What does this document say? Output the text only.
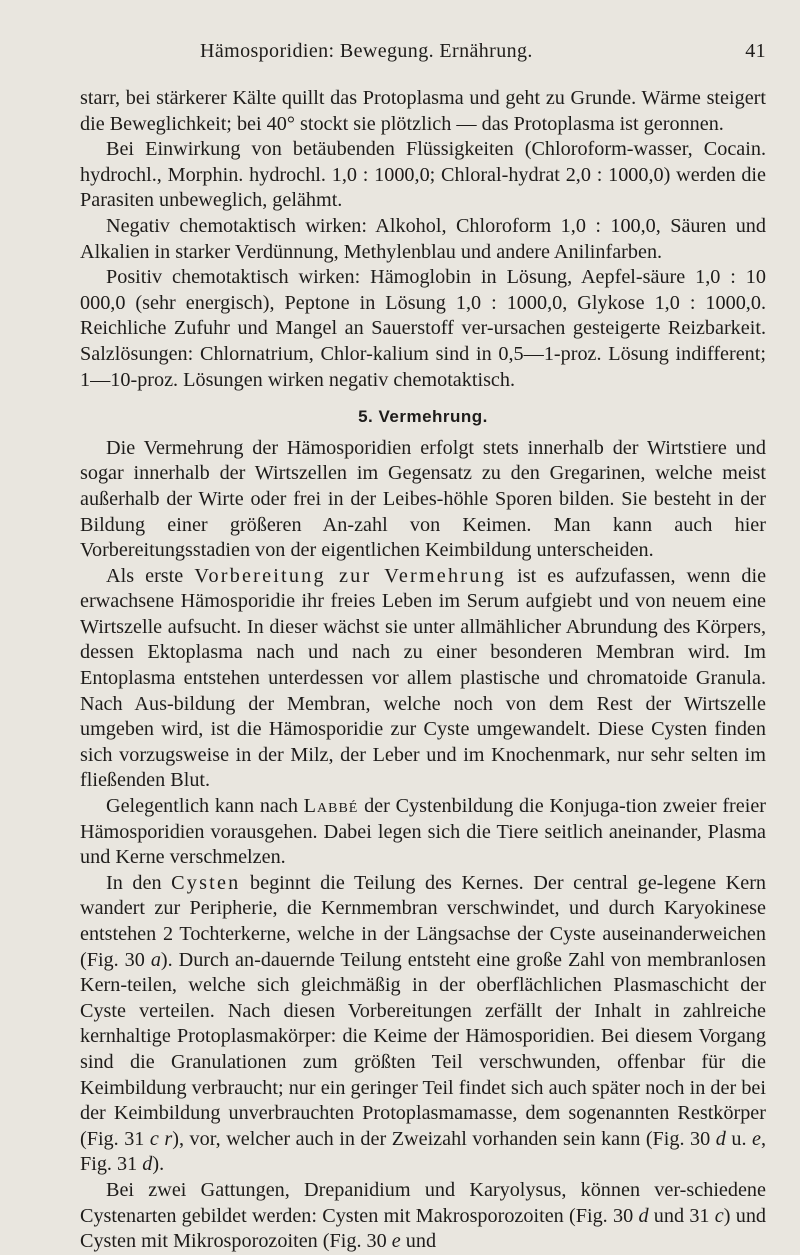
Hämosporidien: Bewegung. Ernährung.	41

starr, bei stärkerer Kälte quillt das Protoplasma und geht zu Grunde. Wärme steigert die Beweglichkeit; bei 40° stockt sie plötzlich — das Protoplasma ist geronnen.

Bei Einwirkung von betäubenden Flüssigkeiten (Chloroform-wasser, Cocain. hydrochl., Morphin. hydrochl. 1,0 : 1000,0; Chloral-hydrat 2,0 : 1000,0) werden die Parasiten unbeweglich, gelähmt.

Negativ chemotaktisch wirken: Alkohol, Chloroform 1,0 : 100,0, Säuren und Alkalien in starker Verdünnung, Methylenblau und andere Anilinfarben.

Positiv chemotaktisch wirken: Hämoglobin in Lösung, Aepfel-säure 1,0 : 10 000,0 (sehr energisch), Peptone in Lösung 1,0 : 1000,0, Glykose 1,0 : 1000,0. Reichliche Zufuhr und Mangel an Sauerstoff ver-ursachen gesteigerte Reizbarkeit. Salzlösungen: Chlornatrium, Chlor-kalium sind in 0,5—1-proz. Lösung indifferent; 1—10-proz. Lösungen wirken negativ chemotaktisch.

5. Vermehrung.

Die Vermehrung der Hämosporidien erfolgt stets innerhalb der Wirtstiere und sogar innerhalb der Wirtszellen im Gegensatz zu den Gregarinen, welche meist außerhalb der Wirte oder frei in der Leibes-höhle Sporen bilden. Sie besteht in der Bildung einer größeren An-zahl von Keimen. Man kann auch hier Vorbereitungsstadien von der eigentlichen Keimbildung unterscheiden.

Als erste Vorbereitung zur Vermehrung ist es aufzufassen, wenn die erwachsene Hämosporidie ihr freies Leben im Serum aufgiebt und von neuem eine Wirtszelle aufsucht. In dieser wächst sie unter allmählicher Abrundung des Körpers, dessen Ektoplasma nach und nach zu einer besonderen Membran wird. Im Entoplasma entstehen unterdessen vor allem plastische und chromatoide Granula. Nach Aus-bildung der Membran, welche noch von dem Rest der Wirtszelle umgeben wird, ist die Hämosporidie zur Cyste umgewandelt. Diese Cysten finden sich vorzugsweise in der Milz, der Leber und im Knochenmark, nur sehr selten im fließenden Blut.

Gelegentlich kann nach Labbé der Cystenbildung die Konjuga-tion zweier freier Hämosporidien vorausgehen. Dabei legen sich die Tiere seitlich aneinander, Plasma und Kerne verschmelzen.

In den Cysten beginnt die Teilung des Kernes. Der central ge-legene Kern wandert zur Peripherie, die Kernmembran verschwindet, und durch Karyokinese entstehen 2 Tochterkerne, welche in der Längsachse der Cyste auseinanderweichen (Fig. 30 a). Durch an-dauernde Teilung entsteht eine große Zahl von membranlosen Kern-teilen, welche sich gleichmäßig in der oberflächlichen Plasmaschicht der Cyste verteilen. Nach diesen Vorbereitungen zerfällt der Inhalt in zahlreiche kernhaltige Protoplasmakörper: die Keime der Hämosporidien. Bei diesem Vorgang sind die Granulationen zum größten Teil verschwunden, offenbar für die Keimbildung verbraucht; nur ein geringer Teil findet sich auch später noch in der bei der Keimbildung unverbrauchten Protoplasmamasse, dem sogenannten Restkörper (Fig. 31 c r), vor, welcher auch in der Zweizahl vorhanden sein kann (Fig. 30 d u. e, Fig. 31 d).

Bei zwei Gattungen, Drepanidium und Karyolysus, können ver-schiedene Cystenarten gebildet werden: Cysten mit Makrosporozoiten (Fig. 30 d und 31 c) und Cysten mit Mikrosporozoiten (Fig. 30 e und
